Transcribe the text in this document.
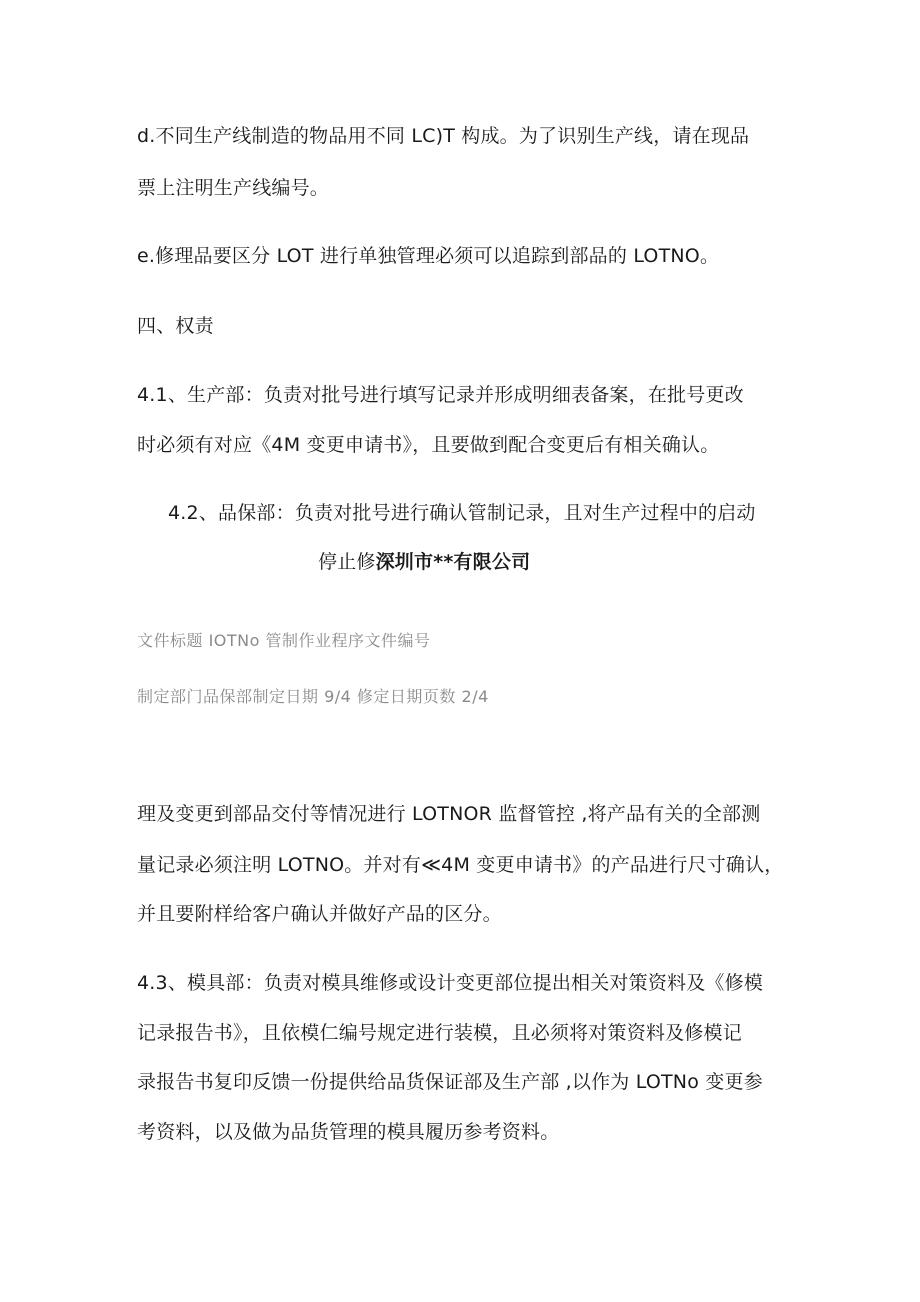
d.不同生产线制造的物品用不同 LC)T 构成。为了识别生产线，请在现品
票上注明生产线编号。
e.修理品要区分 LOT 进行单独管理必须可以追踪到部品的 LOTNO。
四、权责
4.1、生产部：负责对批号进行填写记录并形成明细表备案，在批号更改
时必须有对应《4M 变更申请书》，且要做到配合变更后有相关确认。
4.2、品保部：负责对批号进行确认管制记录，且对生产过程中的启动
停止修深圳市**有限公司
文件标题 IOTNo 管制作业程序文件编号
制定部门品保部制定日期 9/4 修定日期页数 2/4
理及变更到部品交付等情况进行 LOTNOR 监督管控 ,将产品有关的全部测
量记录必须注明 LOTNO。并对有≪4M 变更申请书》的产品进行尺寸确认，
并且要附样给客户确认并做好产品的区分。
4.3、模具部：负责对模具维修或设计变更部位提出相关对策资料及《修模
记录报告书》，且依模仁编号规定进行装模，且必须将对策资料及修模记
录报告书复印反馈一份提供给品货保证部及生产部 ,以作为 LOTNo 变更参
考资料，以及做为品货管理的模具履历参考资料。
